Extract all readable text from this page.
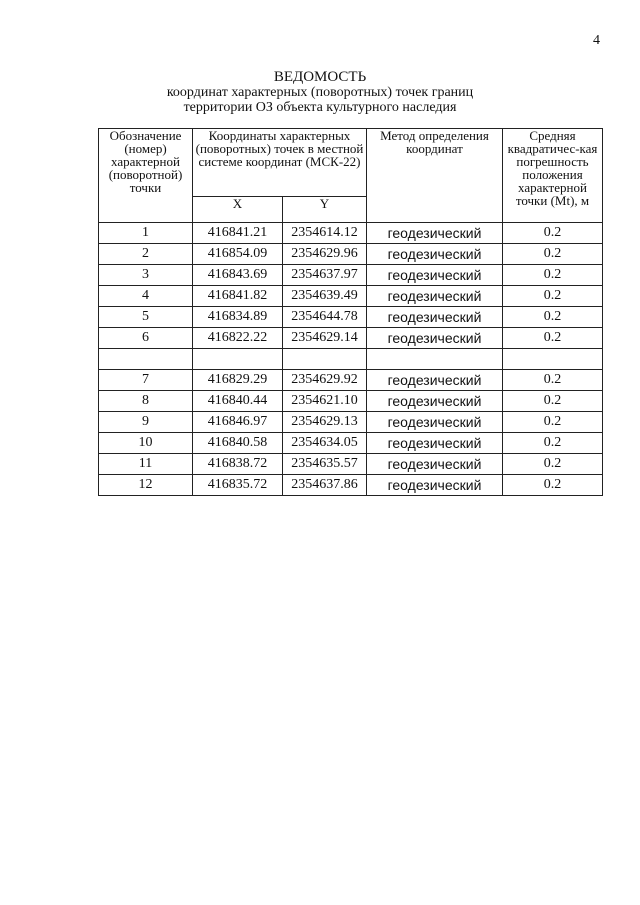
4
ВЕДОМОСТЬ
координат характерных (поворотных) точек границ
территории ОЗ объекта культурного наследия
Обозначение (номер) характерной (поворотной) точки	Координаты характерных (поворотных) точек в местной системе координат (МСК-22)		Метод определения координат	Средняя квадратичес-кая погрешность положения характерной точки (Mt), м
	X	Y		
1	416841.21	2354614.12	геодезический	0.2
2	416854.09	2354629.96	геодезический	0.2
3	416843.69	2354637.97	геодезический	0.2
4	416841.82	2354639.49	геодезический	0.2
5	416834.89	2354644.78	геодезический	0.2
6	416822.22	2354629.14	геодезический	0.2

7	416829.29	2354629.92	геодезический	0.2
8	416840.44	2354621.10	геодезический	0.2
9	416846.97	2354629.13	геодезический	0.2
10	416840.58	2354634.05	геодезический	0.2
11	416838.72	2354635.57	геодезический	0.2
12	416835.72	2354637.86	геодезический	0.2
